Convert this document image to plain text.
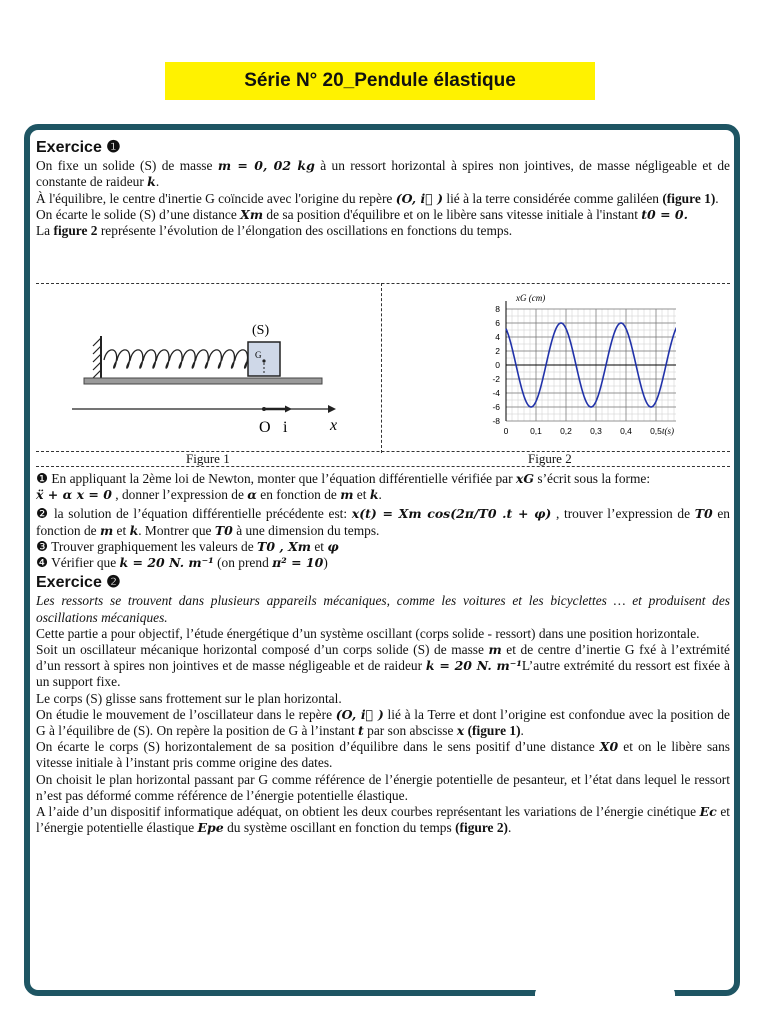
Série N° 20_Pendule élastique
Exercice ❶

On fixe un solide (S) de masse m = 0, 02 kg à un ressort horizontal à spires non jointives, de masse négligeable et de constante de raideur k.

À l'équilibre, le centre d'inertie G coïncide avec l'origine du repère (O, i⃗ ) lié à la terre considérée comme galiléen (figure 1).

On écarte le solide (S) d’une distance Xm de sa position d'équilibre et on le libère sans vitesse initiale à l'instant t0 = 0.

La figure 2 représente l’évolution de l’élongation des oscillations en fonctions du temps.

G
(S)
O i	x
8
6
4
2
0
-2
-4
-6
-8
0	0,1 0,2 0,3 0,4 0,5
xG (cm)
t(s)
Figure 1	Figure 2

❶ En appliquant la 2ème loi de Newton, monter que l’équation différentielle vérifiée par xG s’écrit sous la forme:

ẍ + α x = 0 , donner l’expression de α en fonction de m et k.

❷ la solution de l’équation différentielle précédente est: x(t) = Xm cos(2π/T0 .t + φ) , trouver l’expression de T0 en fonction de m et k. Montrer que T0 à une dimension du temps.

❸ Trouver graphiquement les valeurs de T0 , Xm et φ

❹ Vérifier que k = 20 N. m⁻¹ (on prend π² = 10)

Exercice ❷

Les ressorts se trouvent dans plusieurs appareils mécaniques, comme les voitures et les bicyclettes … et produisent des oscillations mécaniques.

Cette partie a pour objectif, l’étude énergétique d’un système oscillant (corps solide - ressort) dans une position horizontale.

Soit un oscillateur mécanique horizontal composé d’un corps solide (S) de masse m et de centre d’inertie G fxé à l’extrémité d’un ressort à spires non jointives et de masse négligeable et de raideur k = 20 N. m⁻¹L’autre extrémité du ressort est fixée à un support fixe.

Le corps (S) glisse sans frottement sur le plan horizontal.

On étudie le mouvement de l’oscillateur dans le repère (O, i⃗ ) lié à la Terre et dont l’origine est confondue avec la position de G à l’équilibre de (S). On repère la position de G à l’instant t par son abscisse x (figure 1).

On écarte le corps (S) horizontalement de sa position d’équilibre dans le sens positif d’une distance X0 et on le libère sans vitesse initiale à l’instant pris comme origine des dates.

On choisit le plan horizontal passant par G comme référence de l’énergie potentielle de pesanteur, et l’état dans lequel le ressort n’est pas déformé comme référence de l’énergie potentielle élastique.

A l’aide d’un dispositif informatique adéquat, on obtient les deux courbes représentant les variations de l’énergie cinétique Ec et l’énergie potentielle élastique Epe du système oscillant en fonction du temps (figure 2).
